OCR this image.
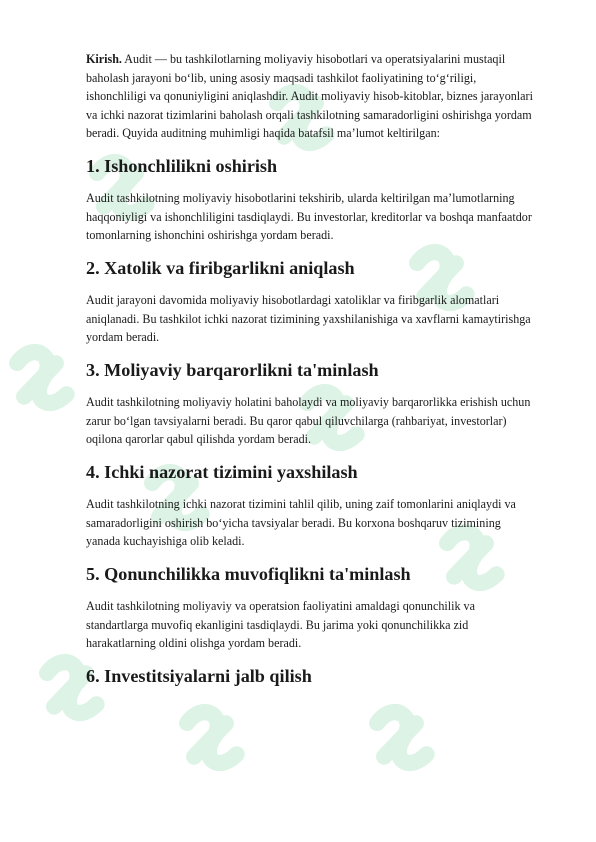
Kirish. Audit — bu tashkilotlarning moliyaviy hisobotlari va operatsiyalarini mustaqil baholash jarayoni bo‘lib, uning asosiy maqsadi tashkilot faoliyatining to‘g‘riligi, ishonchliligi va qonuniyligini aniqlashdir. Audit moliyaviy hisob-kitoblar, biznes jarayonlari va ichki nazorat tizimlarini baholash orqali tashkilotning samaradorligini oshirishga yordam beradi. Quyida auditning muhimligi haqida batafsil ma’lumot keltirilgan:

1. Ishonchlilikni oshirish

Audit tashkilotning moliyaviy hisobotlarini tekshirib, ularda keltirilgan ma’lumotlarning haqqoniyligi va ishonchliligini tasdiqlaydi. Bu investorlar, kreditorlar va boshqa manfaatdor tomonlarning ishonchini oshirishga yordam beradi.

2. Xatolik va firibgarlikni aniqlash

Audit jarayoni davomida moliyaviy hisobotlardagi xatoliklar va firibgarlik alomatlari aniqlanadi. Bu tashkilot ichki nazorat tizimining yaxshilanishiga va xavflarni kamaytirishga yordam beradi.

3. Moliyaviy barqarorlikni ta'minlash

Audit tashkilotning moliyaviy holatini baholaydi va moliyaviy barqarorlikka erishish uchun zarur bo‘lgan tavsiyalarni beradi. Bu qaror qabul qiluvchilarga (rahbariyat, investorlar) oqilona qarorlar qabul qilishda yordam beradi.

4. Ichki nazorat tizimini yaxshilash

Audit tashkilotning ichki nazorat tizimini tahlil qilib, uning zaif tomonlarini aniqlaydi va samaradorligini oshirish bo‘yicha tavsiyalar beradi. Bu korxona boshqaruv tizimining yanada kuchayishiga olib keladi.

5. Qonunchilikka muvofiqlikni ta'minlash

Audit tashkilotning moliyaviy va operatsion faoliyatini amaldagi qonunchilik va standartlarga muvofiq ekanligini tasdiqlaydi. Bu jarima yoki qonunchilikka zid harakatlarning oldini olishga yordam beradi.

6. Investitsiyalarni jalb qilish
